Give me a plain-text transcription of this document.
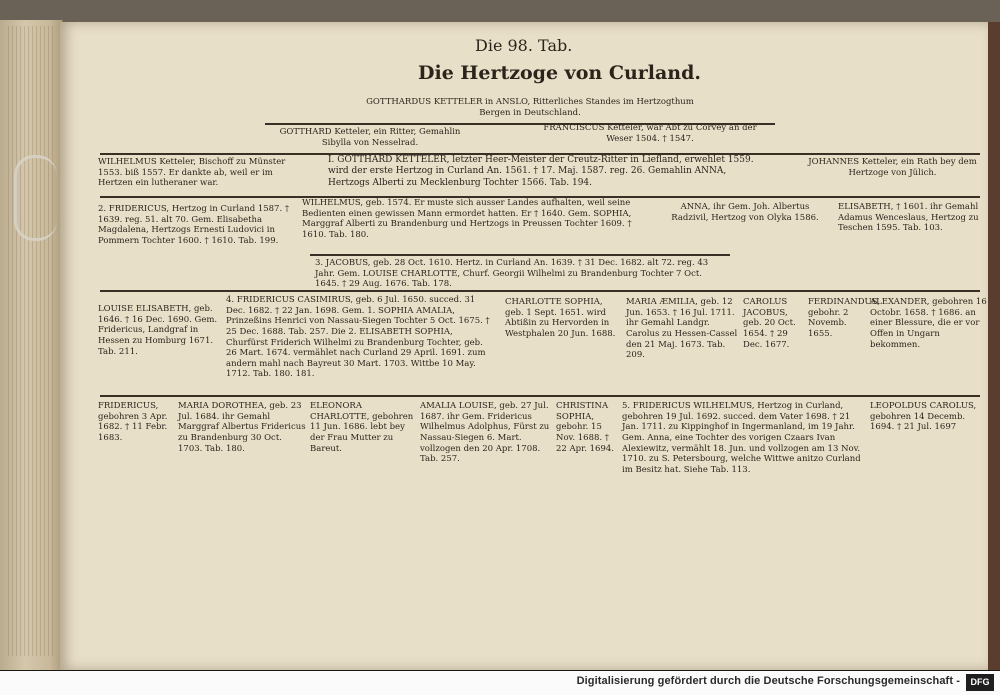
Die 98. Tab.
Die Hertzoge von Curland.
GOTTHARDUS KETTELER in ANSLO, Ritterliches Standes im Hertzogthum Bergen in Deutschland.
GOTTHARD Ketteler, ein Ritter, Gemahlin Sibylla von Nesselrad.
FRANCISCUS Ketteler, war Abt zu Corvey an der Weser 1504. † 1547.
WILHELMUS Ketteler, Bischoff zu Münster 1553. biß 1557. Er dankte ab, weil er im Hertzen ein lutheraner war.
I. GOTTHARD KETTELER, letzter Heer-Meister der Creutz-Ritter in Liefland, erwehlet 1559. wird der erste Hertzog in Curland An. 1561. † 17. Maj. 1587. reg. 26. Gemahlin ANNA, Hertzogs Alberti zu Mecklenburg Tochter 1566. Tab. 194.
JOHANNES Ketteler, ein Rath bey dem Hertzoge von Jülich.
2. FRIDERICUS, Hertzog in Curland 1587. † 1639. reg. 51. alt 70. Gem. Elisabetha Magdalena, Hertzogs Ernesti Ludovici in Pommern Tochter 1600. † 1610. Tab. 199.
WILHELMUS, geb. 1574. Er muste sich ausser Landes aufhalten, weil seine Bedienten einen gewissen Mann ermordet hatten. Er † 1640. Gem. SOPHIA, Marggraf Alberti zu Brandenburg und Hertzogs in Preussen Tochter 1609. † 1610. Tab. 180.
ANNA, ihr Gem. Joh. Albertus Radzivil, Hertzog von Olyka 1586.
ELISABETH, † 1601. ihr Gemahl Adamus Wenceslaus, Hertzog zu Teschen 1595. Tab. 103.
3. JACOBUS, geb. 28 Oct. 1610. Hertz. in Curland An. 1639. † 31 Dec. 1682. alt 72. reg. 43 Jahr. Gem. LOUISE CHARLOTTE, Churf. Georgii Wilhelmi zu Brandenburg Tochter 7 Oct. 1645. † 29 Aug. 1676. Tab. 178.
LOUISE ELISABETH, geb. 1646. † 16 Dec. 1690. Gem. Fridericus, Landgraf in Hessen zu Homburg 1671. Tab. 211.
4. FRIDERICUS CASIMIRUS, geb. 6 Jul. 1650. succed. 31 Dec. 1682. † 22 Jan. 1698. Gem. 1. SOPHIA AMALIA, Prinzeßins Henrici von Nassau-Siegen Tochter 5 Oct. 1675. † 25 Dec. 1688. Tab. 257. Die 2. ELISABETH SOPHIA, Churfürst Friderich Wilhelmi zu Brandenburg Tochter, geb. 26 Mart. 1674. vermählet nach Curland 29 April. 1691. zum andern mahl nach Bayreut 30 Mart. 1703. Wittbe 10 May. 1712. Tab. 180. 181.
CHARLOTTE SOPHIA, geb. 1 Sept. 1651. wird Abtißin zu Hervorden in Westphalen 20 Jun. 1688.
MARIA ÆMILIA, geb. 12 Jun. 1653. † 16 Jul. 1711. ihr Gemahl Landgr. Carolus zu Hessen-Cassel den 21 Maj. 1673. Tab. 209.
CAROLUS JACOBUS, geb. 20 Oct. 1654. † 29 Dec. 1677.
FERDINANDUS, gebohr. 2 Novemb. 1655.
ALEXANDER, gebohren 16 Octobr. 1658. † 1686. an einer Blessure, die er vor Offen in Ungarn bekommen.
FRIDERICUS, gebohren 3 Apr. 1682. † 11 Febr. 1683.
MARIA DOROTHEA, geb. 23 Jul. 1684. ihr Gemahl Marggraf Albertus Fridericus zu Brandenburg 30 Oct. 1703. Tab. 180.
ELEONORA CHARLOTTE, gebohren 11 Jun. 1686. lebt bey der Frau Mutter zu Bareut.
AMALIA LOUISE, geb. 27 Jul. 1687. ihr Gem. Fridericus Wilhelmus Adolphus, Fürst zu Nassau-Siegen 6. Mart. vollzogen den 20 Apr. 1708. Tab. 257.
CHRISTINA SOPHIA, gebohr. 15 Nov. 1688. † 22 Apr. 1694.
5. FRIDERICUS WILHELMUS, Hertzog in Curland, gebohren 19 Jul. 1692. succed. dem Vater 1698. † 21 Jan. 1711. zu Kippinghof in Ingermanland, im 19 Jahr. Gem. Anna, eine Tochter des vorigen Czaars Ivan Alexiewitz, vermählt 18. Jun. und vollzogen am 13 Nov. 1710. zu S. Petersbourg, welche Wittwe anitzo Curland im Besitz hat. Siehe Tab. 113.
LEOPOLDUS CAROLUS, gebohren 14 Decemb. 1694. † 21 Jul. 1697
Digitalisierung gefördert durch die Deutsche Forschungsgemeinschaft -	DFG
